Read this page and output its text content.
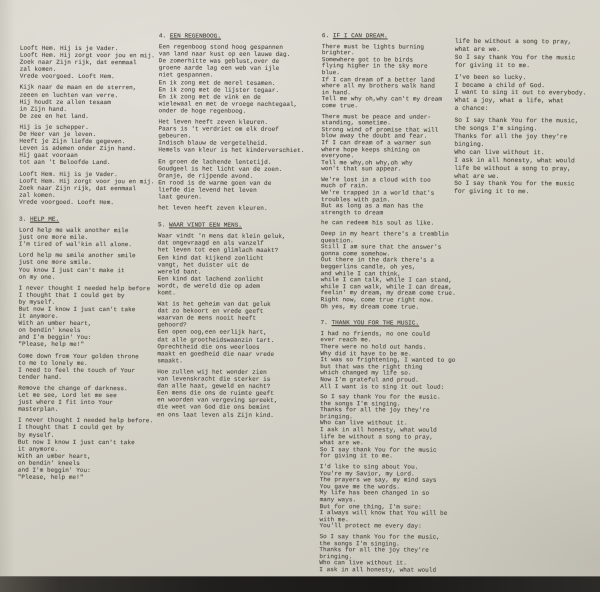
Looft Hem. Hij is je Vader.
Looft Hem. Hij zorgt voor jou en mij.
Zoek naar Zijn rijk, dat eenmaal
zal komen.
Vrede voorgoed. Looft Hem.
Kijk naar de maan en de sterren,
zeeen en luchten van verre.
Hij houdt ze allen tesaam
in Zijn hand.
De zee en het land.
Hij is je schepper.
De Heer van je leven.
Heeft je Zijn liefde gegeven.
Leven is ademen onder Zijn hand.
Hij gaat vooraan
tot aan 't Beloofde Land.
Looft Hem. Hij is je Vader.
Looft Hem. Hij zorgt voor jou en mij.
Zoek naar Zijn rijk, dat eenmaal
zal komen.
Vrede voorgoed. Looft Hem.
3. HELP ME.
Lord help me walk another mile
just one more mile.
I'm tired of wal'kin all alone.
Lord help me smile another smile
just one more smile.
You know I just can't make it
on my one.
I never thought I needed help before
I thought that I could get by
by myself.
But now I know I just can't take
it anymore.
With an umber heart,
on bendin' kneels
and I'm beggin' You:
"Please, help me!"
Come down from Your golden throne
to me to lonely me.
I need to feel the touch of Your
tender hand.
Remove the change of darkness.
Let me see, Lord let me see
just where I fit into Your
masterplan.
I never thought I needed help before.
I thought that I could get by
by myself.
But now I know I just can't take
it anymore.
With an umber heart,
on bendin' kneels
and I'm beggin' You:
"Please, help me!"
4. EEN REGENBOOG.
Een regenboog stond hoog gespannen
van land naar kust op een lauwe dag.
De zomerhitte was geblust,over de
groene aarde lag een web van ijle
niet gespannen.
En ik zong met de merel tesamen.
En ik zong met de lijster tegaar.
En ik zong met de vink en de
wielewaal en met de vroege nachtegaal,
onder de hoge regenboog.
Het leven heeft zeven kleuren.
Paars is 't verdriet om elk droef
gebeuren.
Indisch blauw de vergetelheid.
Hemels van kleur is het kinderverschiet.
En groen de lachende lentetijd.
Goudgeel is het licht van de zoen.
Oranje, de rijpende avond.
En rood is de warme goen van de
liefde die levend het leven
laat geuren.
het leven heeft zeven kleuren.
5. WAAR VINDT EEN MENS.
Waar vindt 'n mens dat klein geluk,
dat ongevraagd en als vanzelf
het leven tot een glimlach maakt?
Een kind dat kijkend zonlicht
vangt, het duister uit de
wereld bant.
Een kind dat lachend zonlicht
wordt, de wereld die op adem
komt.
Wat is het geheim van dat geluk
dat zo bekoort en vrede geeft
waarvan de mens nooit heeft
gehoord?
Een open oog,een eerlijk hart,
dat alle grootheidswaanzin tart.
Oprechtheid die ons weerloos
maakt en goedheid die naar vrede
smaakt.
Hoe zullen wij het wonder zien
van levenskracht die sterker is
dan alle haat, geweld en nacht?
Een mens die ons de ruimte geeft
en woorden van vergeving spreekt,
die weet van God die ons bemint
en ons laat leven als Zijn kind.
6. IF I CAN DREAM.
There must be lights burning
brighter.
Somewhere got to be birds
flying higher in the sky more
blue.
If I can dream of a better land
where all my brothers walk hand
in hand.
Tell me why oh,why can't my dream
come true.
There must be peace and under-
standing, sometime.
Strong wind of promise that will
blow away the doubt and fear.
If I can dream of a warmer sun
where hope keeps shining on
everyone.
Tell me why,oh why,oh why
won't that sun appear.
We're lost in a cloud with too
much of rain.
We're trapped in a world that's
troubles with pain.
But as long as a man has the
strength to dream
he can redeem his soul as like.
Deep in my heart there's a tremblin
question.
Still I am sure that the answer's
gonna come somehow.
Out there in the dark there's a
beggerlins candle, oh yes,
and while I can think,
while I can talk, while I can stand,
while I can walk, while I can dream,
feelin' my dream, my dream come true.
Right now, come true right now.
Oh yes, my dream come true.
7. THANK YOU FOR THE MUSIC.
I had no friends, no one could
ever reach me.
There were no hold out hands.
Why did it have to be me.
It was so frightening, I wanted to go
but that was the right thing
which changed my life so.
Now I'm grateful and proud.
All I want is to sing it out loud:
So I say thank You for the music.
the songs I'm singing.
Thanks for all the joy they're
bringing.
Who can live without it.
I ask in all honesty, what would
life be without a song to pray,
what are we.
So I say thank You for the music
for giving it to me.
I'd like to sing about You.
You're my Savior, my Lord.
The prayers we say, my mind says
You gave me the words.
My life has been changed in so
many ways.
But for one thing, I'm sure:
I always will know that You will be
with me.
You'll protect me every day:
So I say thank You for the music,
the songs I'm singing.
Thanks for all the joy they're
bringing.
Who can live without it.
I ask in all honesty, what would
life be without a song to pray,
what are we.
So I say thank You for the music
for giving it to me.
I've been so lucky.
I became a child of God.
I want to sing it out to everybody.
What a joy, what a life, what
a chance:
So I say thank You for the music,
the songs I'm singing.
Thanks for all the joy they're
binging.
Who can live without it.
I ask in all honesty, what would
life be without a song to pray,
what are we.
So I say thank You for the music
for giving it to me.
